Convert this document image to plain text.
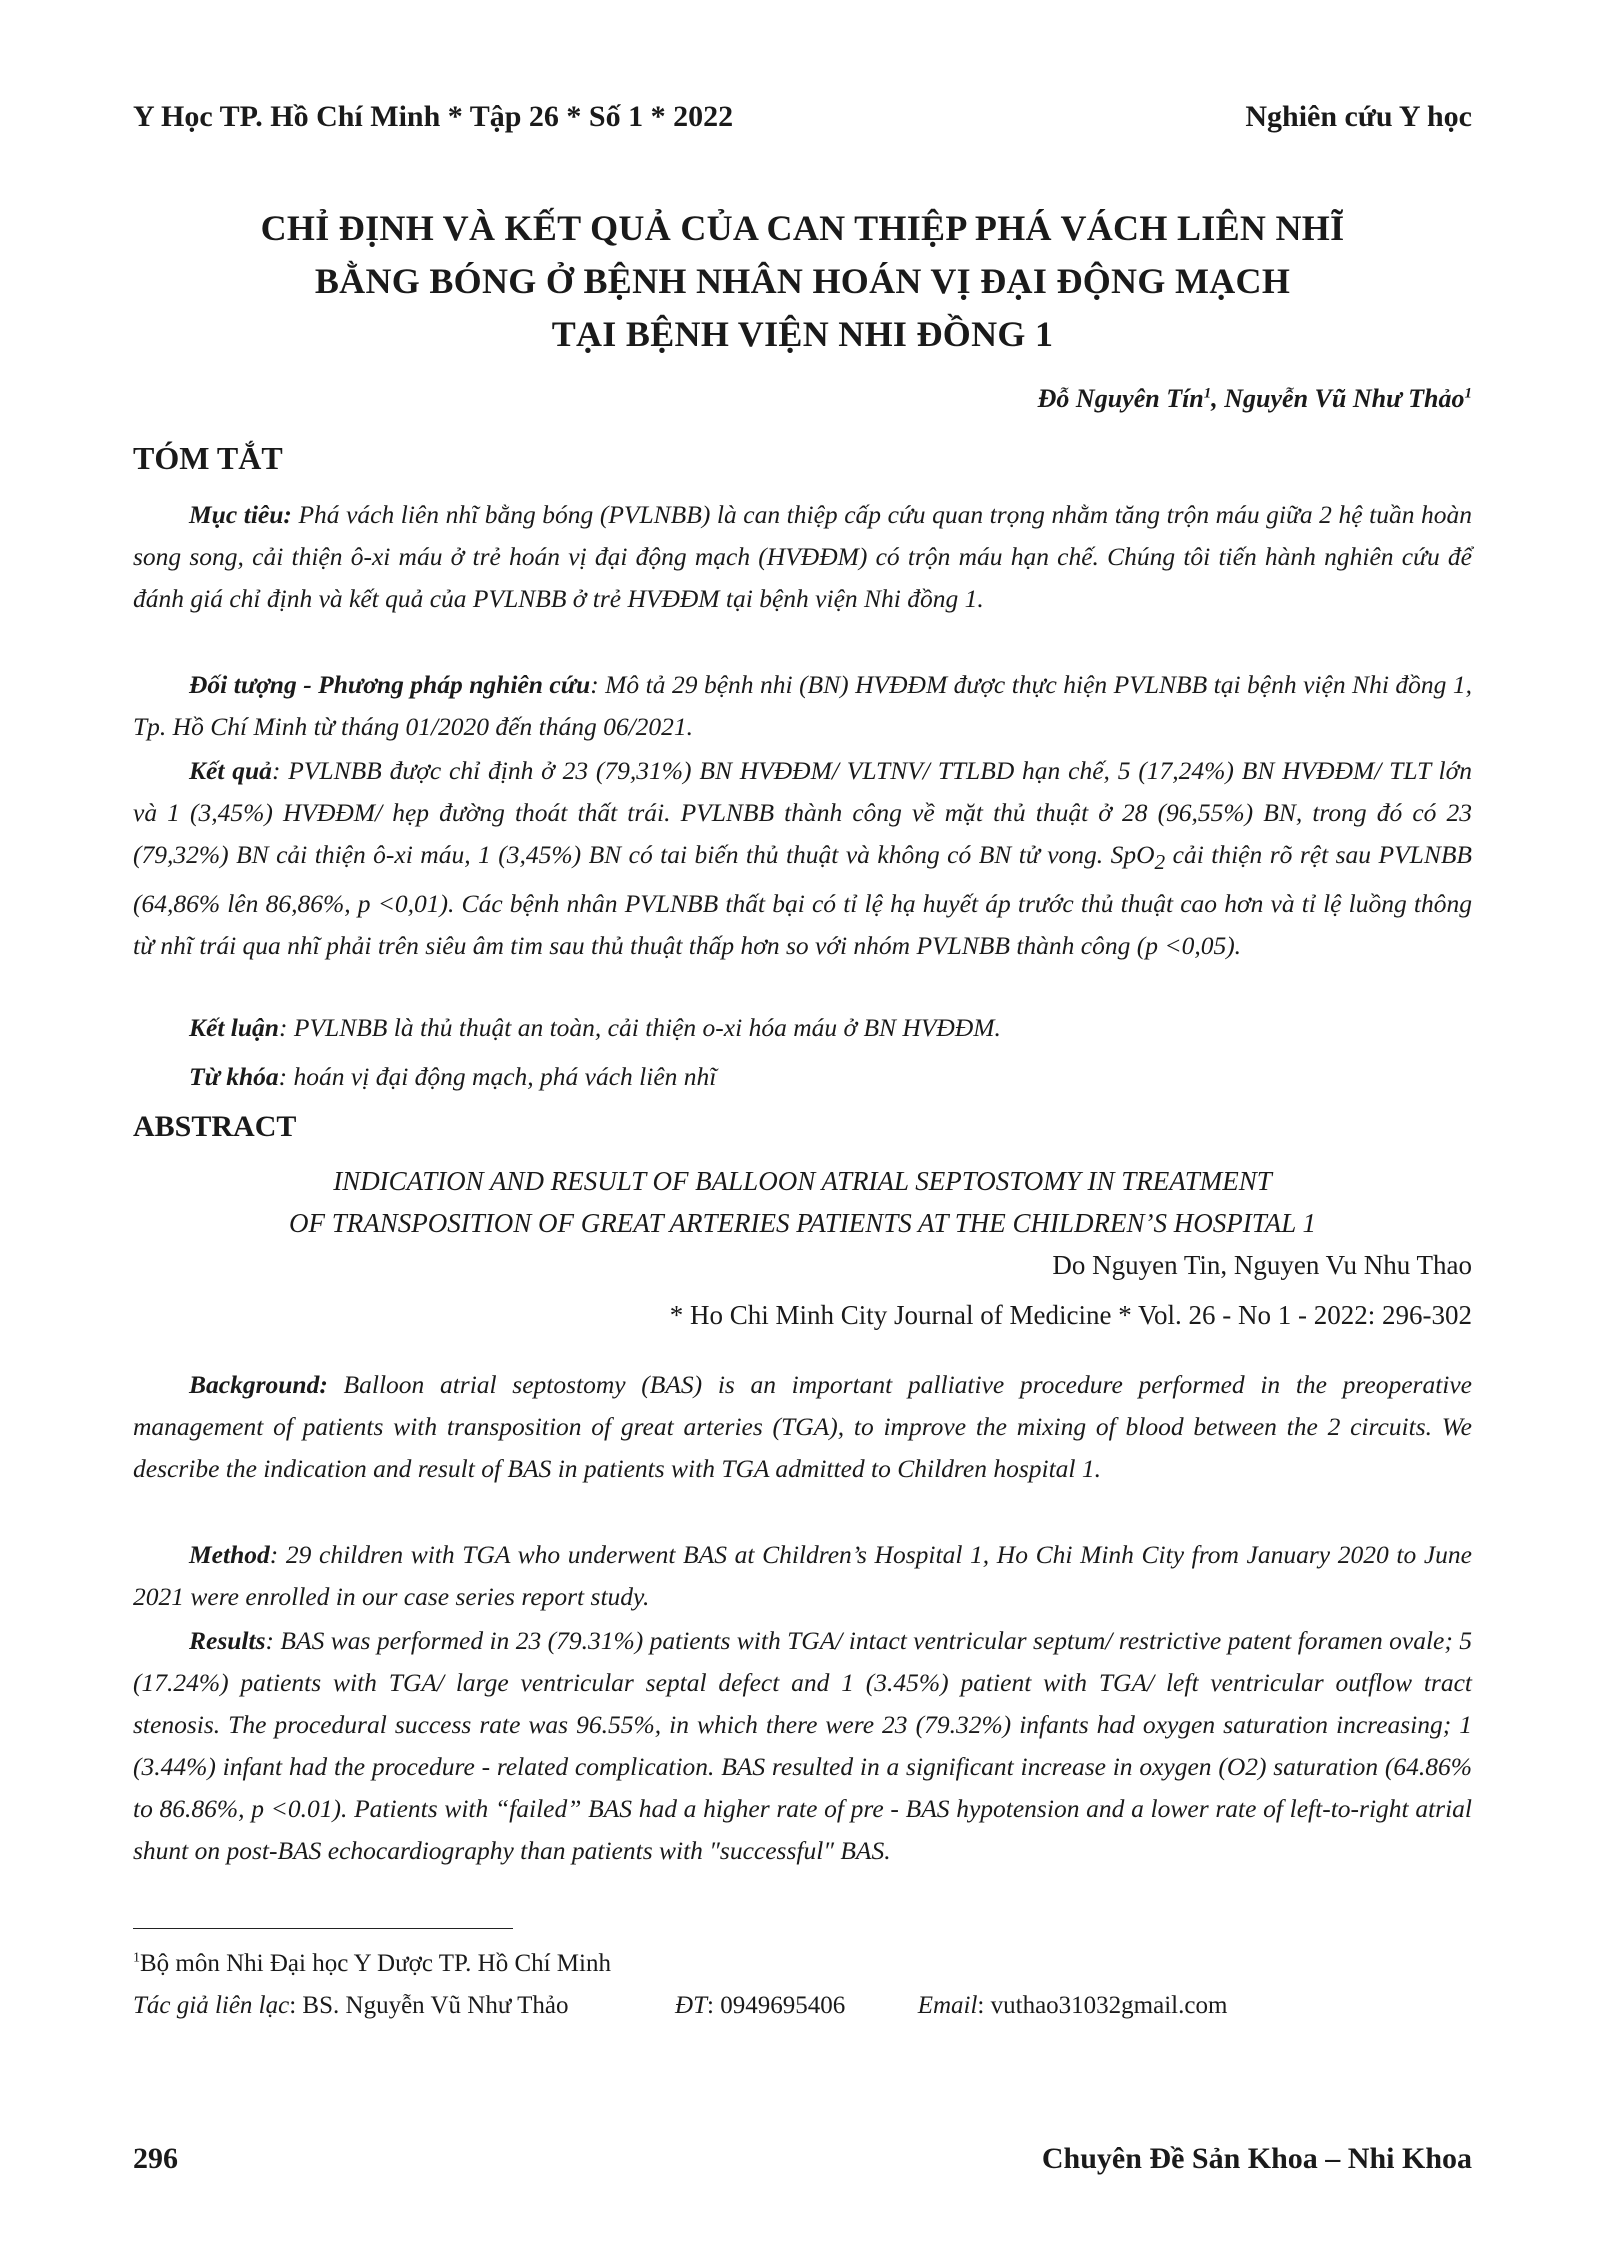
Y Học TP. Hồ Chí Minh * Tập 26 * Số 1 * 2022	Nghiên cứu Y học
CHỈ ĐỊNH VÀ KẾT QUẢ CỦA CAN THIỆP PHÁ VÁCH LIÊN NHĨ
BẰNG BÓNG Ở BỆNH NHÂN HOÁN VỊ ĐẠI ĐỘNG MẠCH
TẠI BỆNH VIỆN NHI ĐỒNG 1
Đỗ Nguyên Tín$^1$, Nguyễn Vũ Như Thảo$^1$
TÓM TẮT
Mục tiêu: Phá vách liên nhĩ bằng bóng (PVLNBB) là can thiệp cấp cứu quan trọng nhằm tăng trộn máu giữa 2 hệ tuần hoàn song song, cải thiện ô-xi máu ở trẻ hoán vị đại động mạch (HVĐĐM) có trộn máu hạn chế. Chúng tôi tiến hành nghiên cứu để đánh giá chỉ định và kết quả của PVLNBB ở trẻ HVĐĐM tại bệnh viện Nhi đồng 1.
Đối tượng - Phương pháp nghiên cứu: Mô tả 29 bệnh nhi (BN) HVĐĐM được thực hiện PVLNBB tại bệnh viện Nhi đồng 1, Tp. Hồ Chí Minh từ tháng 01/2020 đến tháng 06/2021.
Kết quả: PVLNBB được chỉ định ở 23 (79,31%) BN HVĐĐM/ VLTNV/ TTLBD hạn chế, 5 (17,24%) BN HVĐĐM/ TLT lớn và 1 (3,45%) HVĐĐM/ hẹp đường thoát thất trái. PVLNBB thành công về mặt thủ thuật ở 28 (96,55%) BN, trong đó có 23 (79,32%) BN cải thiện ô-xi máu, 1 (3,45%) BN có tai biến thủ thuật và không có BN tử vong. SpO$_2$ cải thiện rõ rệt sau PVLNBB (64,86% lên 86,86%, p <0,01). Các bệnh nhân PVLNBB thất bại có tỉ lệ hạ huyết áp trước thủ thuật cao hơn và tỉ lệ luồng thông từ nhĩ trái qua nhĩ phải trên siêu âm tim sau thủ thuật thấp hơn so với nhóm PVLNBB thành công (p <0,05).
Kết luận: PVLNBB là thủ thuật an toàn, cải thiện o-xi hóa máu ở BN HVĐĐM.
Từ khóa: hoán vị đại động mạch, phá vách liên nhĩ
ABSTRACT
INDICATION AND RESULT OF BALLOON ATRIAL SEPTOSTOMY IN TREATMENT
OF TRANSPOSITION OF GREAT ARTERIES PATIENTS AT THE CHILDREN’S HOSPITAL 1
Do Nguyen Tin, Nguyen Vu Nhu Thao
* Ho Chi Minh City Journal of Medicine * Vol. 26 - No 1 - 2022: 296-302
Background: Balloon atrial septostomy (BAS) is an important palliative procedure performed in the preoperative management of patients with transposition of great arteries (TGA), to improve the mixing of blood between the 2 circuits. We describe the indication and result of BAS in patients with TGA admitted to Children hospital 1.
Method: 29 children with TGA who underwent BAS at Children’s Hospital 1, Ho Chi Minh City from January 2020 to June 2021 were enrolled in our case series report study.
Results: BAS was performed in 23 (79.31%) patients with TGA/ intact ventricular septum/ restrictive patent foramen ovale; 5 (17.24%) patients with TGA/ large ventricular septal defect and 1 (3.45%) patient with TGA/ left ventricular outflow tract stenosis. The procedural success rate was 96.55%, in which there were 23 (79.32%) infants had oxygen saturation increasing; 1 (3.44%) infant had the procedure - related complication. BAS resulted in a significant increase in oxygen (O2) saturation (64.86% to 86.86%, p <0.01). Patients with “failed” BAS had a higher rate of pre - BAS hypotension and a lower rate of left-to-right atrial shunt on post-BAS echocardiography than patients with ″successful″ BAS.
$^1$Bộ môn Nhi Đại học Y Dược TP. Hồ Chí Minh
Tác giả liên lạc: BS. Nguyễn Vũ Như Thảo	ĐT: 0949695406	Email: vuthao31032gmail.com
296	Chuyên Đề Sản Khoa – Nhi Khoa
